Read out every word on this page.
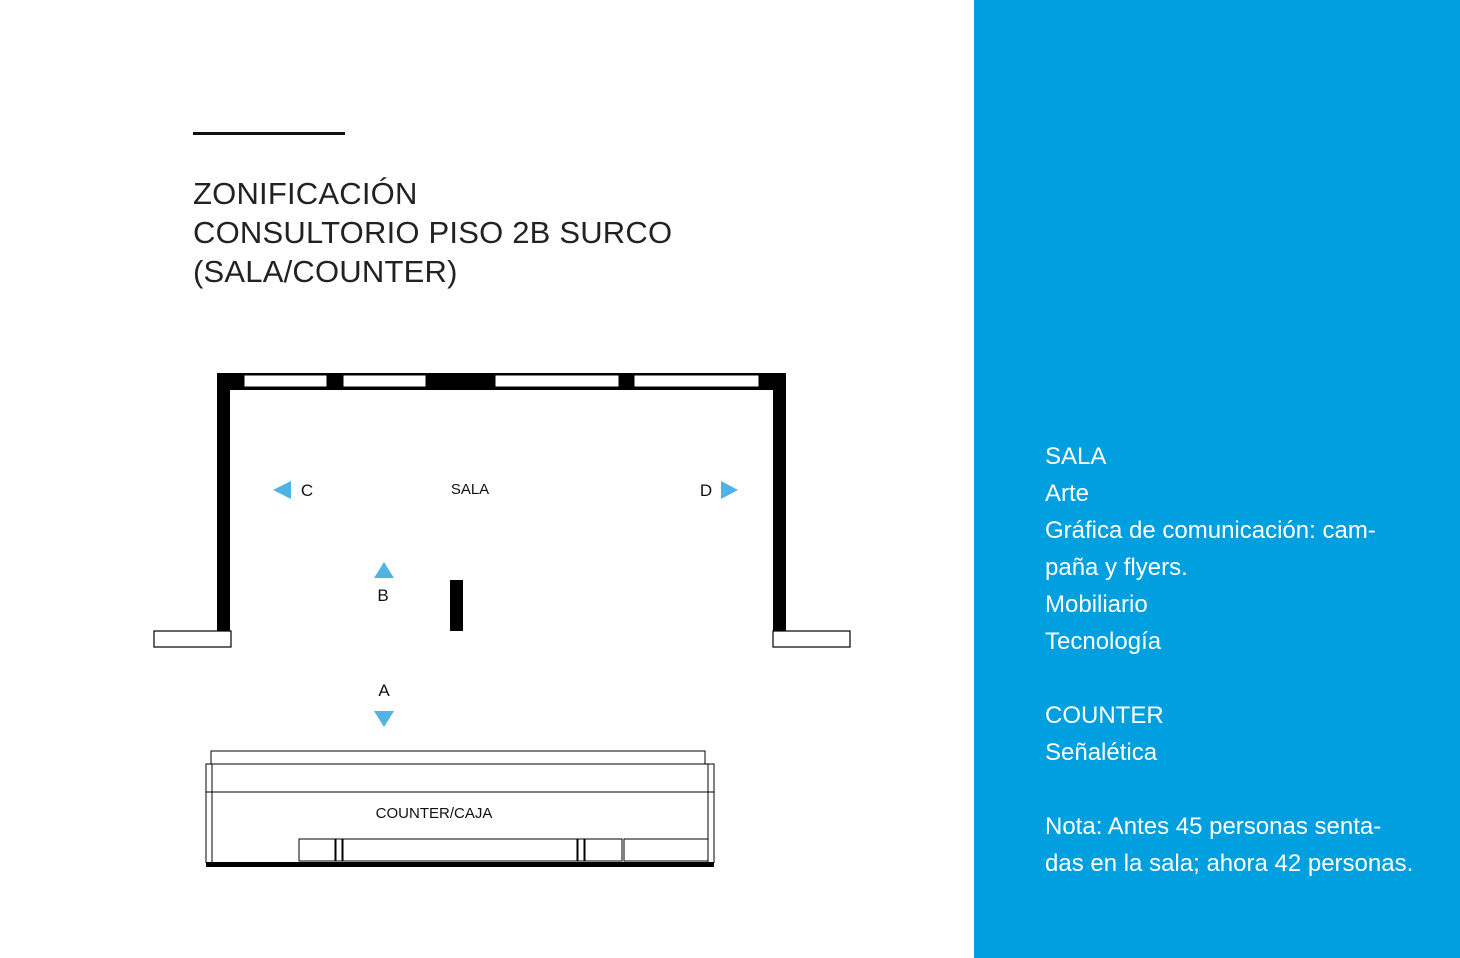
ZONIFICACIÓN
CONSULTORIO PISO 2B SURCO
(SALA/COUNTER)
SALA
C	D
B
A
COUNTER/CAJA
SALA
Arte
Gráfica de comunicación: cam-
paña y flyers.
Mobiliario
Tecnología
COUNTER
Señalética
Nota: Antes 45 personas senta-
das en la sala; ahora 42 personas.
